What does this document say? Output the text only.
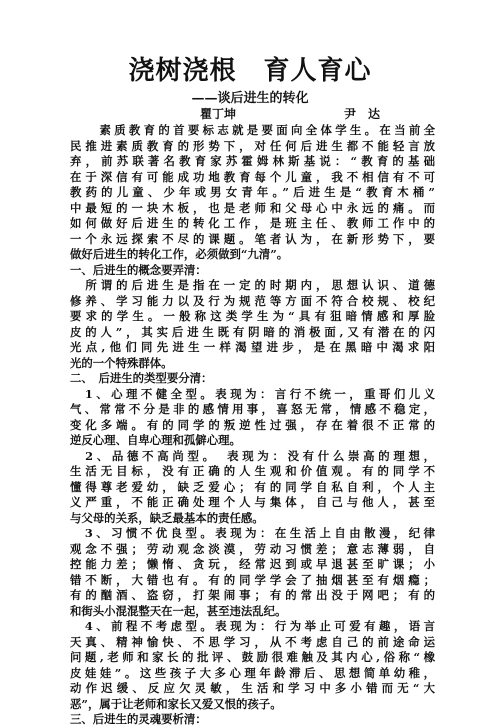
浇树浇根　育人育心
——谈后进生的转化
瞿丁坤	尹　达
　　素质教育的首要标志就是要面向全体学生。在当前全
民推进素质教育的形势下，对任何后进生都不能轻言放
弃，前苏联著名教育家苏霍姆林斯基说：“教育的基础
在于深信有可能成功地教育每个儿童，我不相信有不可
教药的儿童、少年或男女青年。”后进生是“教育木桶”
中最短的一块木板，也是老师和父母心中永远的痛。而
如何做好后进生的转化工作，是班主任、教师工作中的
一个永远探索不尽的课题。笔者认为，在新形势下，要
做好后进生的转化工作，必须做到“九清”。
一、后进生的概念要弄清：
　所谓的后进生是指在一定的时期内，思想认识、道德
修养、学习能力以及行为规范等方面不符合校规、校纪
要求的学生。一般称这类学生为“具有狙暗情感和厚脸
皮的人”，其实后进生既有阴暗的消极面,又有潜在的闪
光点,他们同先进生一样渴望进步，是在黑暗中渴求阳
光的一个特殊群体。
二、　后进生的类型要分清：
　1、心理不健全型。表现为：言行不统一，重哥们儿义
气、常常不分是非的感情用事，喜怒无常，情感不稳定，
变化多端。有的同学的叛逆性过强，存在着很不正常的
逆反心理、自卑心理和孤僻心理。
　2、品德不高尚型。　表现为：没有什么崇高的理想，
生活无目标，没有正确的人生观和价值观。有的同学不
懂得尊老爱幼，缺乏爱心；有的同学自私自利，个人主
义严重，不能正确处理个人与集体，自己与他人，甚至
与父母的关系，缺乏最基本的责任感。
　3、习惯不优良型。表现为：在生活上自由散漫，纪律
观念不强；劳动观念淡漠，劳动习惯差；意志薄弱，自
控能力差；懒惰、贪玩，经常迟到或早退甚至旷课；小
错不断，大错也有。有的同学学会了抽烟甚至有烟瘾；
有的酗酒、盗窃，打架闹事；有的常出没于网吧；有的
和街头小混混整天在一起，甚至违法乱纪。
　4、前程不考虑型。表现为：行为举止可爱有趣，语言
天真、精神愉快、不思学习，从不考虑自己的前途命运
问题,老师和家长的批评、鼓励很难触及其内心,俗称“橡
皮娃娃”。这些孩子大多心理年龄滞后、思想简单幼稚，
动作迟缓、反应欠灵敏，生活和学习中多小错而无“大
恶”，属于让老师和家长又爱又恨的孩子。
三、后进生的灵魂要析清：
